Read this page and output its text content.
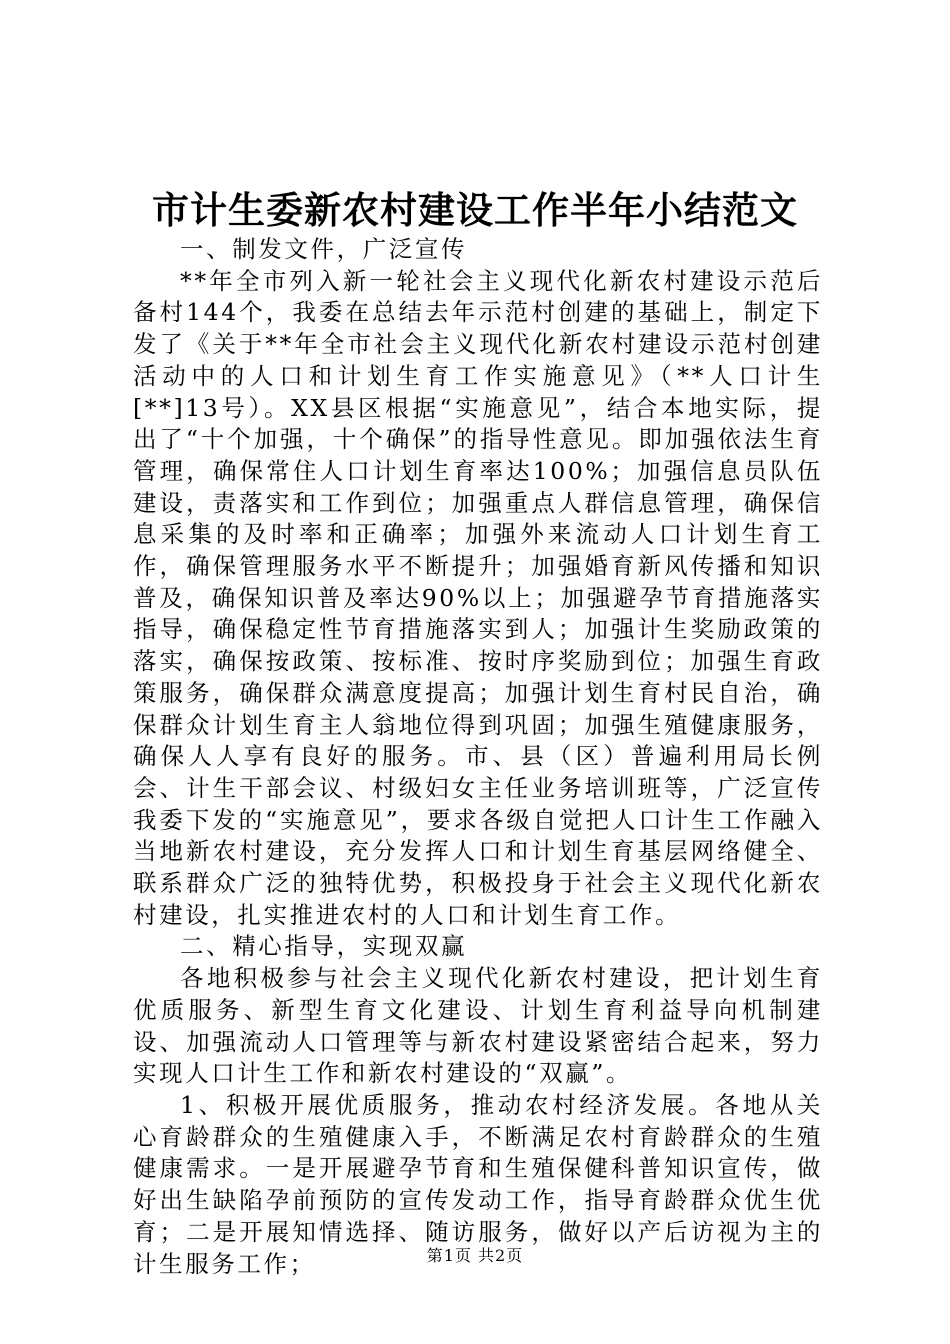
市计生委新农村建设工作半年小结范文

一、制发文件，广泛宣传

**年全市列入新一轮社会主义现代化新农村建设示范后备村144个，我委在总结去年示范村创建的基础上，制定下发了《关于**年全市社会主义现代化新农村建设示范村创建活动中的人口和计划生育工作实施意见》（**人口计生[**]13号）。XX县区根据“实施意见”，结合本地实际，提出了“十个加强，十个确保”的指导性意见。即加强依法生育管理，确保常住人口计划生育率达100%；加强信息员队伍建设，责落实和工作到位；加强重点人群信息管理，确保信息采集的及时率和正确率；加强外来流动人口计划生育工作，确保管理服务水平不断提升；加强婚育新风传播和知识普及，确保知识普及率达90%以上；加强避孕节育措施落实指导，确保稳定性节育措施落实到人；加强计生奖励政策的落实，确保按政策、按标准、按时序奖励到位；加强生育政策服务，确保群众满意度提高；加强计划生育村民自治，确保群众计划生育主人翁地位得到巩固；加强生殖健康服务，确保人人享有良好的服务。市、县（区）普遍利用局长例会、计生干部会议、村级妇女主任业务培训班等，广泛宣传我委下发的“实施意见”，要求各级自觉把人口计生工作融入当地新农村建设，充分发挥人口和计划生育基层网络健全、联系群众广泛的独特优势，积极投身于社会主义现代化新农村建设，扎实推进农村的人口和计划生育工作。

二、精心指导，实现双赢

各地积极参与社会主义现代化新农村建设，把计划生育优质服务、新型生育文化建设、计划生育利益导向机制建设、加强流动人口管理等与新农村建设紧密结合起来，努力实现人口计生工作和新农村建设的“双赢”。

1、积极开展优质服务，推动农村经济发展。各地从关心育龄群众的生殖健康入手，不断满足农村育龄群众的生殖健康需求。一是开展避孕节育和生殖保健科普知识宣传，做好出生缺陷孕前预防的宣传发动工作，指导育龄群众优生优育；二是开展知情选择、随访服务，做好以产后访视为主的计生服务工作；	第1页 共2页
